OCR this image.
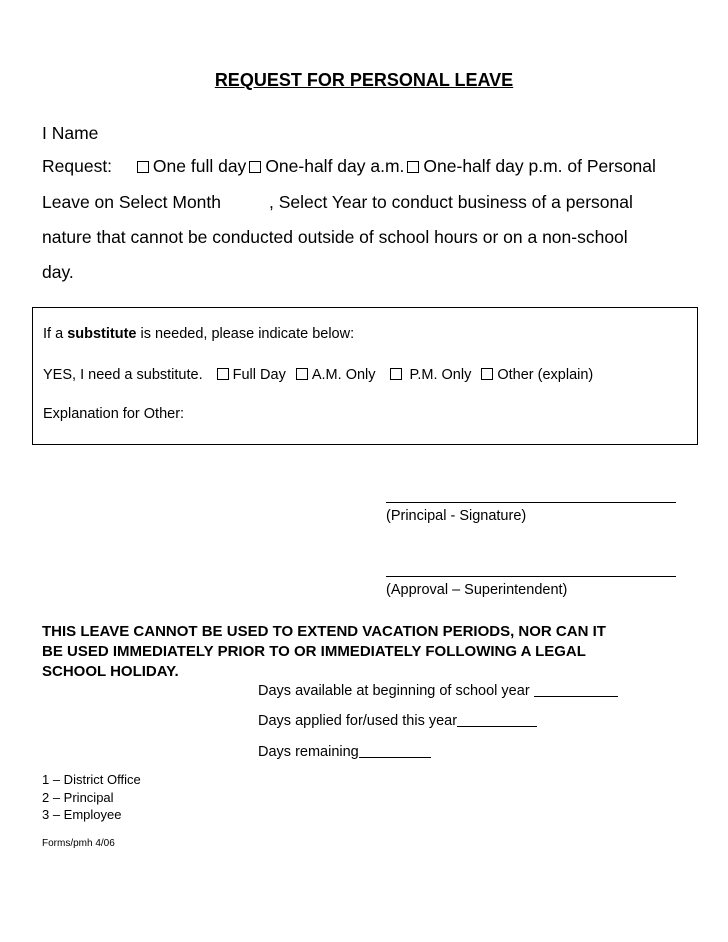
REQUEST FOR PERSONAL LEAVE
I Name
Request: One full day One-half day a.m. One-half day p.m. of Personal
Leave on Select Month	, Select Year to conduct business of a personal
nature that cannot be conducted outside of school hours or on a non-school
day.
If a substitute is needed, please indicate below:
YES, I need a substitute. Full Day A.M. Only P.M. Only Other (explain)
Explanation for Other:
(Principal - Signature)
(Approval – Superintendent)
THIS LEAVE CANNOT BE USED TO EXTEND VACATION PERIODS, NOR CAN IT
BE USED IMMEDIATELY PRIOR TO OR IMMEDIATELY FOLLOWING A LEGAL
SCHOOL HOLIDAY.
Days available at beginning of school year
Days applied for/used this year
Days remaining
1 – District Office
2 – Principal
3 – Employee
Forms/pmh 4/06
